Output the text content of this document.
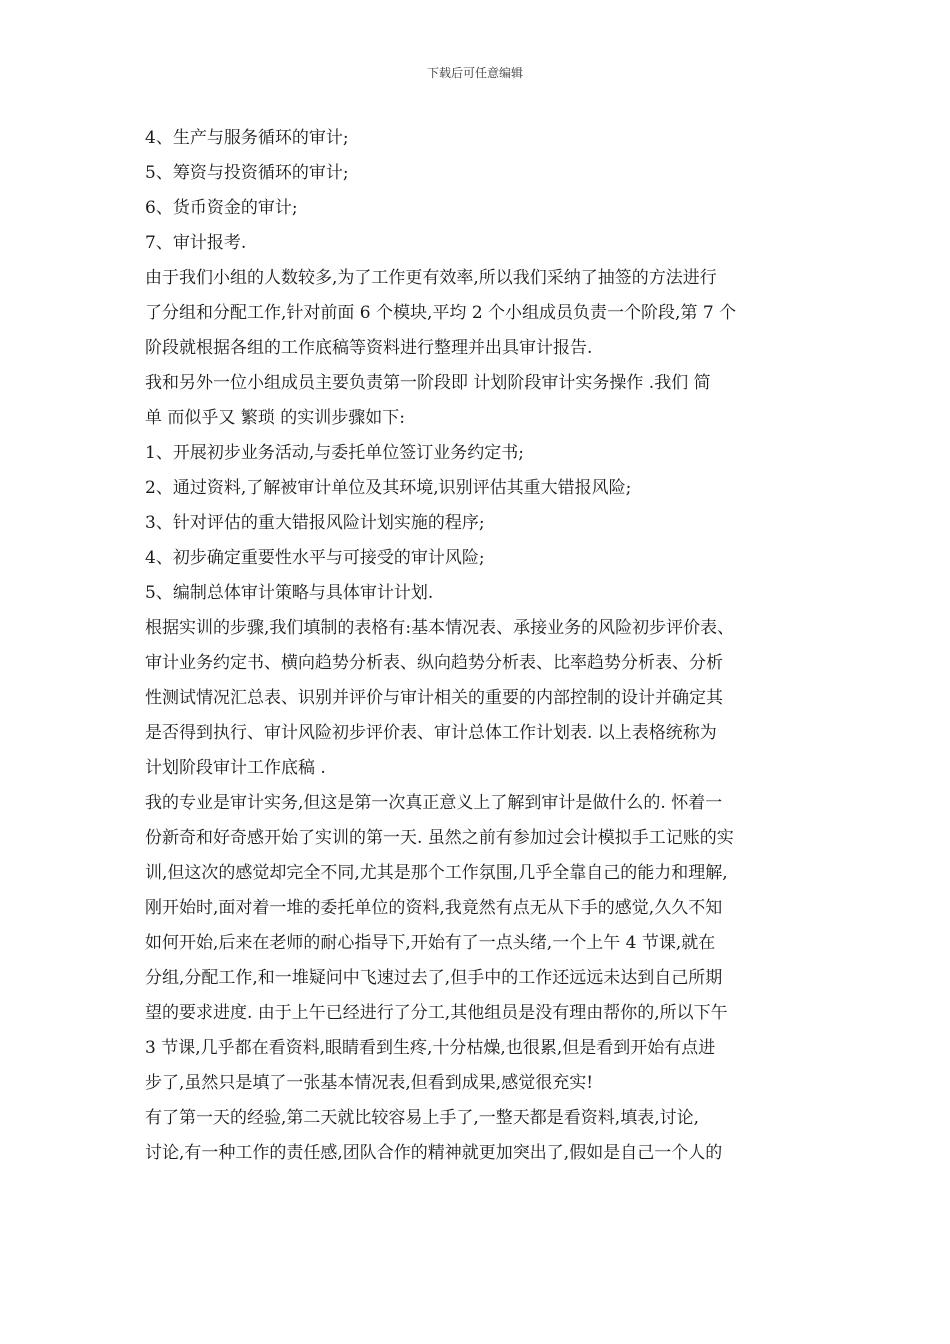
下载后可任意编辑
4、生产与服务循环的审计;
5、筹资与投资循环的审计;
6、货币资金的审计;
7、审计报考.
由于我们小组的人数较多,为了工作更有效率,所以我们采纳了抽签的方法进行
了分组和分配工作,针对前面 6 个模块,平均 2 个小组成员负责一个阶段,第 7 个
阶段就根据各组的工作底稿等资料进行整理并出具审计报告.
我和另外一位小组成员主要负责第一阶段即 计划阶段审计实务操作 .我们 简
单 而似乎又 繁琐 的实训步骤如下:
1、开展初步业务活动,与委托单位签订业务约定书;
2、通过资料,了解被审计单位及其环境,识别评估其重大错报风险;
3、针对评估的重大错报风险计划实施的程序;
4、初步确定重要性水平与可接受的审计风险;
5、编制总体审计策略与具体审计计划.
根据实训的步骤,我们填制的表格有:基本情况表、承接业务的风险初步评价表、
审计业务约定书、横向趋势分析表、纵向趋势分析表、比率趋势分析表、分析
性测试情况汇总表、识别并评价与审计相关的重要的内部控制的设计并确定其
是否得到执行、审计风险初步评价表、审计总体工作计划表. 以上表格统称为
计划阶段审计工作底稿 .
我的专业是审计实务,但这是第一次真正意义上了解到审计是做什么的. 怀着一
份新奇和好奇感开始了实训的第一天. 虽然之前有参加过会计模拟手工记账的实
训,但这次的感觉却完全不同,尤其是那个工作氛围,几乎全靠自己的能力和理解,
刚开始时,面对着一堆的委托单位的资料,我竟然有点无从下手的感觉,久久不知
如何开始,后来在老师的耐心指导下,开始有了一点头绪,一个上午 4 节课,就在
分组,分配工作,和一堆疑问中飞速过去了,但手中的工作还远远未达到自己所期
望的要求进度. 由于上午已经进行了分工,其他组员是没有理由帮你的,所以下午
3 节课,几乎都在看资料,眼睛看到生疼,十分枯燥,也很累,但是看到开始有点进
步了,虽然只是填了一张基本情况表,但看到成果,感觉很充实!
有了第一天的经验,第二天就比较容易上手了,一整天都是看资料,填表,讨论,
讨论,有一种工作的责任感,团队合作的精神就更加突出了,假如是自己一个人的
